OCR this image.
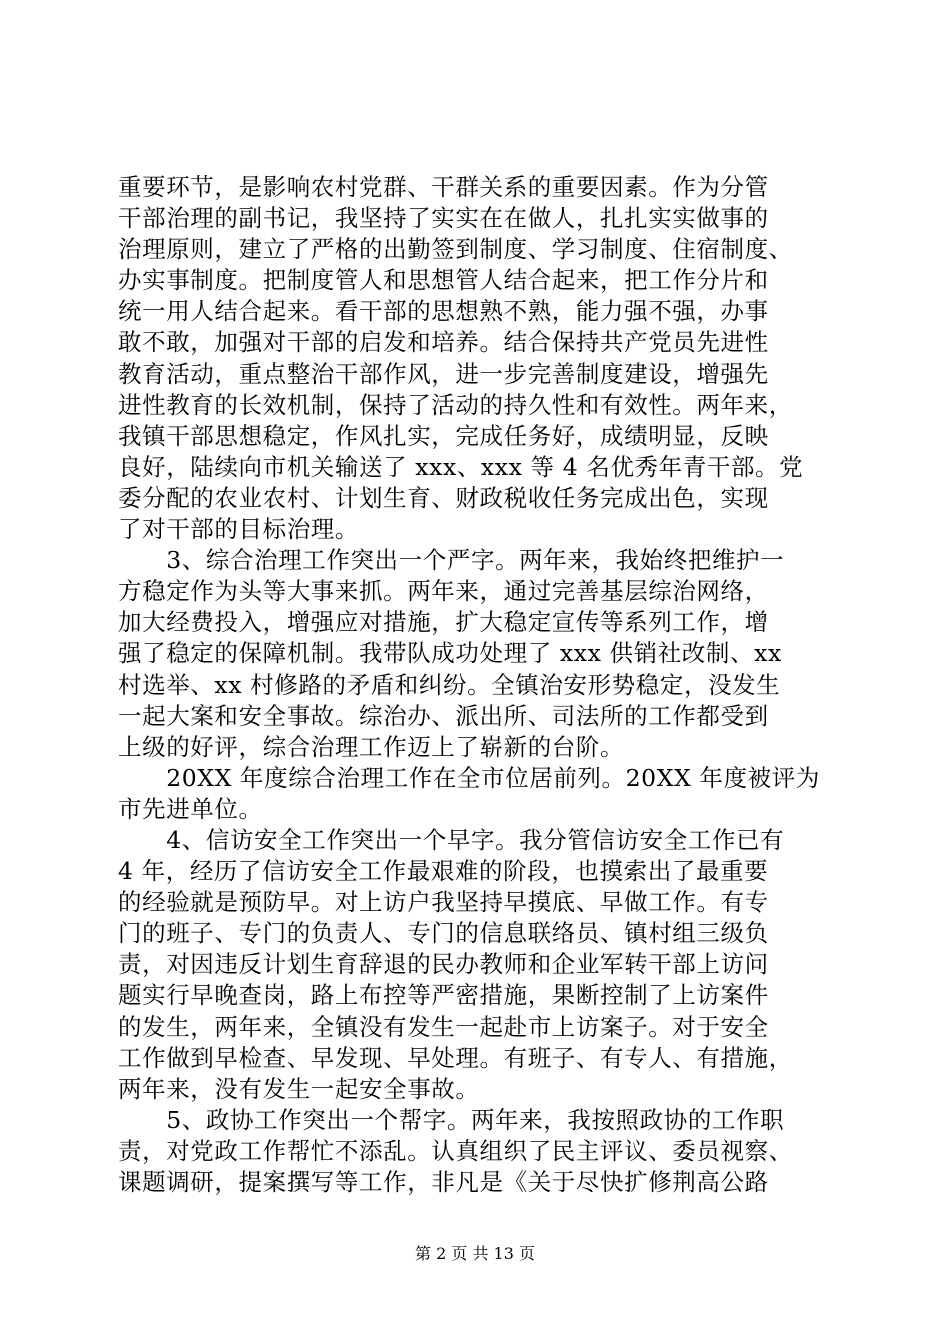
重要环节，是影响农村党群、干群关系的重要因素。作为分管
干部治理的副书记，我坚持了实实在在做人，扎扎实实做事的
治理原则，建立了严格的出勤签到制度、学习制度、住宿制度、
办实事制度。把制度管人和思想管人结合起来，把工作分片和
统一用人结合起来。看干部的思想熟不熟，能力强不强，办事
敢不敢，加强对干部的启发和培养。结合保持共产党员先进性
教育活动，重点整治干部作风，进一步完善制度建设，增强先
进性教育的长效机制，保持了活动的持久性和有效性。两年来，
我镇干部思想稳定，作风扎实，完成任务好，成绩明显，反映
良好，陆续向市机关输送了 xxx、xxx 等 4 名优秀年青干部。党
委分配的农业农村、计划生育、财政税收任务完成出色，实现
了对干部的目标治理。
　　3、综合治理工作突出一个严字。两年来，我始终把维护一
方稳定作为头等大事来抓。两年来，通过完善基层综治网络，
加大经费投入，增强应对措施，扩大稳定宣传等系列工作，增
强了稳定的保障机制。我带队成功处理了 xxx 供销社改制、xx
村选举、xx 村修路的矛盾和纠纷。全镇治安形势稳定，没发生
一起大案和安全事故。综治办、派出所、司法所的工作都受到
上级的好评，综合治理工作迈上了崭新的台阶。
　　20XX 年度综合治理工作在全市位居前列。20XX 年度被评为
市先进单位。
　　4、信访安全工作突出一个早字。我分管信访安全工作已有
4 年，经历了信访安全工作最艰难的阶段，也摸索出了最重要
的经验就是预防早。对上访户我坚持早摸底、早做工作。有专
门的班子、专门的负责人、专门的信息联络员、镇村组三级负
责，对因违反计划生育辞退的民办教师和企业军转干部上访问
题实行早晚查岗，路上布控等严密措施，果断控制了上访案件
的发生，两年来，全镇没有发生一起赴市上访案子。对于安全
工作做到早检查、早发现、早处理。有班子、有专人、有措施，
两年来，没有发生一起安全事故。
　　5、政协工作突出一个帮字。两年来，我按照政协的工作职
责，对党政工作帮忙不添乱。认真组织了民主评议、委员视察、
课题调研，提案撰写等工作，非凡是《关于尽快扩修荆高公路
第 2 页 共 13 页
